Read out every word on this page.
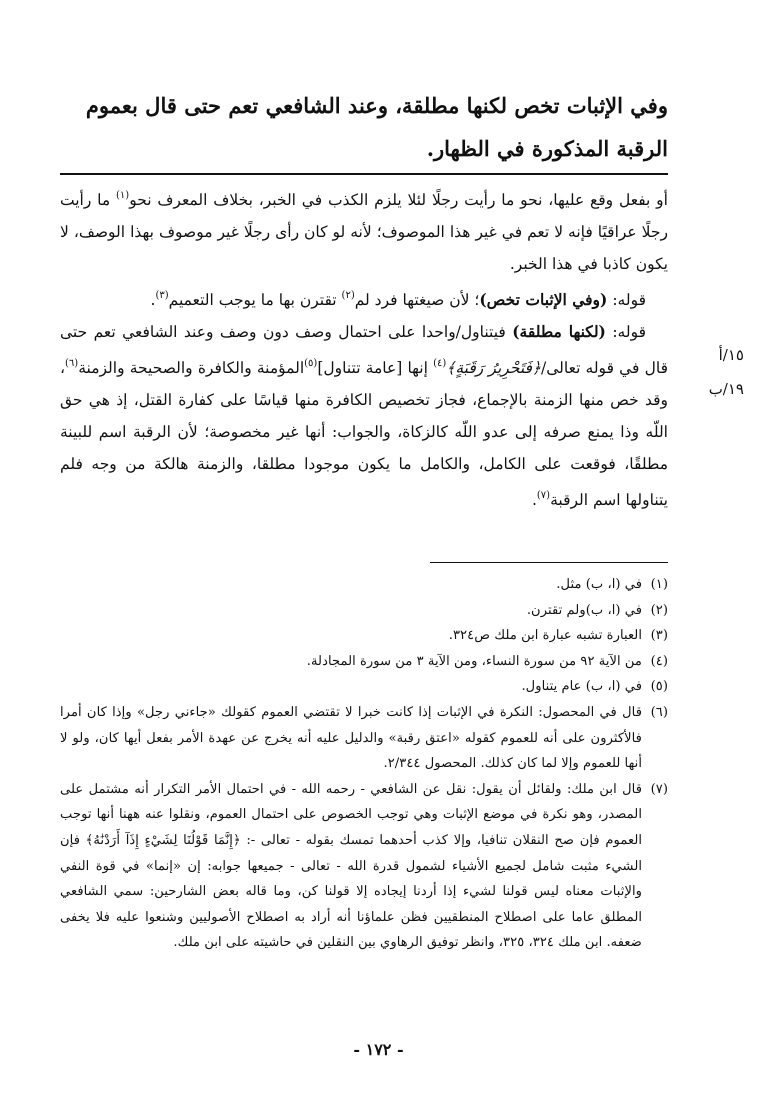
وفي الإثبات تخص لكنها مطلقة، وعند الشافعي تعم حتى قال بعموم الرقبة المذكورة في الظهار.

أو بفعل وقع عليها، نحو ما رأيت رجلًا لئلا يلزم الكذب في الخبر، بخلاف المعرف نحو$^{(١)}$ ما رأيت رجلًا عراقيًا فإنه لا تعم في غير هذا الموصوف؛ لأنه لو كان رأى رجلًا غير موصوف بهذا الوصف، لا يكون كاذبا في هذا الخبر.

قوله: (وفي الإثبات تخص)؛ لأن صيغتها فرد لم$^{(٢)}$ تقترن بها ما يوجب التعميم$^{(٣)}$.

قوله: (لكنها مطلقة) فيتناول/واحدا على احتمال وصف دون وصف وعند الشافعي تعم حتى قال في قوله تعالى/﴿فَتَحْرِيرُ رَقَبَةٍ﴾$^{(٤)}$ إنها [عامة تتناول]$^{(٥)}$المؤمنة والكافرة والصحيحة والزمنة$^{(٦)}$، وقد خص منها الزمنة بالإجماع، فجاز تخصيص الكافرة منها قياسًا على كفارة القتل، إذ هي حق اللّه وذا يمنع صرفه إلى عدو اللّه كالزكاة، والجواب: أنها غير مخصوصة؛ لأن الرقبة اسم للبينة مطلقًا، فوقعت على الكامل، والكامل ما يكون موجودا مطلقا، والزمنة هالكة من وجه فلم يتناولها اسم الرقبة$^{(٧)}$.

١٥/أ
١٩/ب
(١)
في (ا، ب) مثل.
(٢)
في (ا، ب)ولم تقترن.
(٣)
العبارة تشبه عبارة ابن ملك ص٣٢٤.
(٤)
من الآية ٩٢ من سورة النساء، ومن الآية ٣ من سورة المجادلة.
(٥)
في (ا، ب) عام يتناول.
(٦)
قال في المحصول: النكرة في الإثبات إذا كانت خبرا لا تقتضي العموم كقولك «جاءني رجل» وإذا كان أمرا فالأكثرون على أنه للعموم كقوله «اعتق رقبة» والدليل عليه أنه يخرج عن عهدة الأمر بفعل أيها كان، ولو لا أنها للعموم وإلا لما كان كذلك. المحصول ٢/٣٤٤.
(٧)
قال ابن ملك: ولقائل أن يقول: نقل عن الشافعي - رحمه الله - في احتمال الأمر التكرار أنه مشتمل على المصدر، وهو نكرة في موضع الإثبات وهي توجب الخصوص على احتمال العموم، ونقلوا عنه ههنا أنها توجب العموم فإن صح النقلان تنافيا، وإلا كذب أحدهما تمسك بقوله - تعالى -: ﴿إِنَّمَا قَوْلُنَا لِشَيْءٍ إِذَآ أَرَدْنَٰهُ﴾ فإن الشيء مثبت شامل لجميع الأشياء لشمول قدرة الله - تعالى - جميعها جوابه: إن «إنما» في قوة النفي والإثبات معناه ليس قولنا لشيء إذا أردنا إيجاده إلا قولنا كن، وما قاله بعض الشارحين: سمي الشافعي المطلق عاما على اصطلاح المنطقيين فظن علماؤنا أنه أراد به اصطلاح الأصوليين وشنعوا عليه فلا يخفى ضعفه. ابن ملك ٣٢٤، ٣٢٥، وانظر توفيق الرهاوي بين النقلين في حاشيته على ابن ملك.
- ١٧٢ -
